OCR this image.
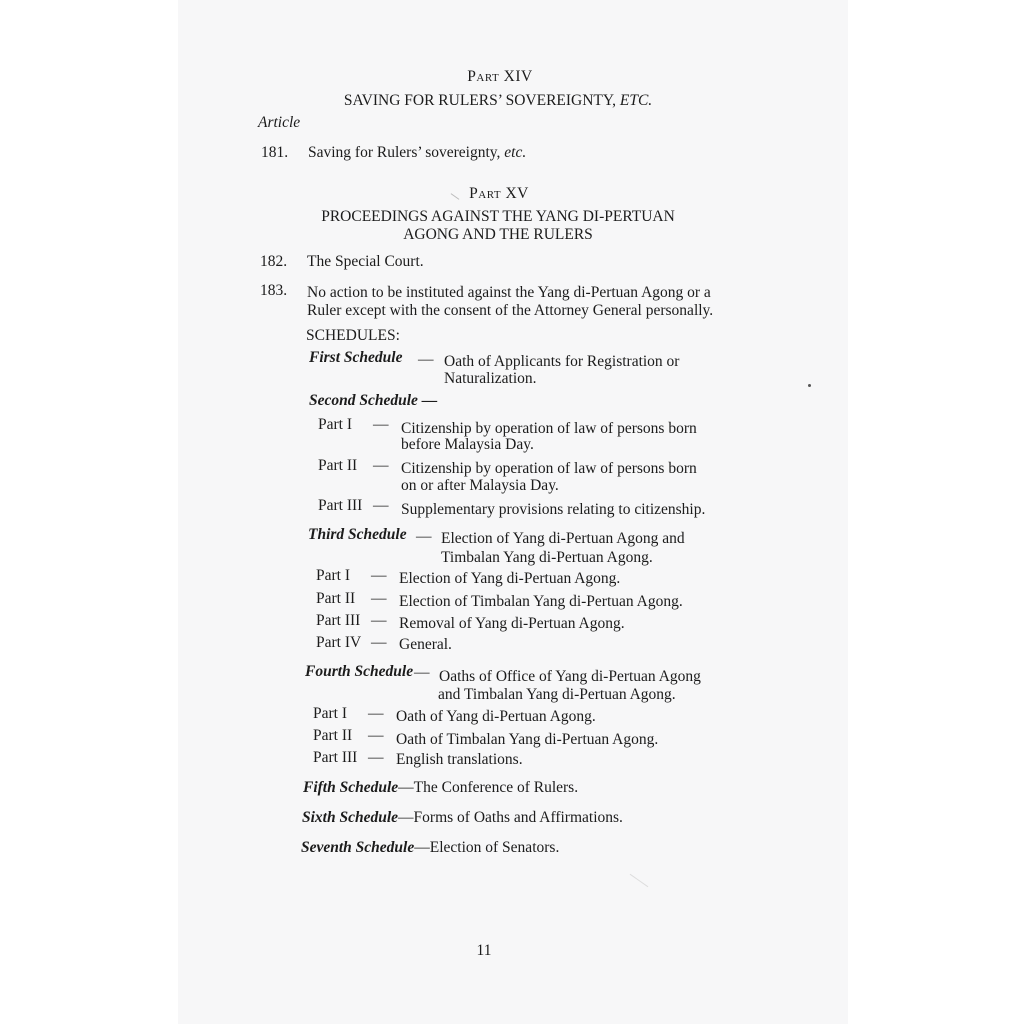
Part XIV
SAVING FOR RULERS’ SOVEREIGNTY, ETC.
Article
181. Saving for Rulers’ sovereignty, etc.
Part XV
PROCEEDINGS AGAINST THE YANG DI-PERTUAN
AGONG AND THE RULERS
182. The Special Court.
183. No action to be instituted against the Yang di-Pertuan Agong or a
Ruler except with the consent of the Attorney General personally.
SCHEDULES:
First Schedule — Oath of Applicants for Registration or
Naturalization.
Second Schedule —
Part I — Citizenship by operation of law of persons born
before Malaysia Day.
Part II — Citizenship by operation of law of persons born
on or after Malaysia Day.
Part III — Supplementary provisions relating to citizenship.
Third Schedule — Election of Yang di-Pertuan Agong and
Timbalan Yang di-Pertuan Agong.
Part I — Election of Yang di-Pertuan Agong.
Part II — Election of Timbalan Yang di-Pertuan Agong.
Part III — Removal of Yang di-Pertuan Agong.
Part IV — General.
Fourth Schedule — Oaths of Office of Yang di-Pertuan Agong
and Timbalan Yang di-Pertuan Agong.
Part I — Oath of Yang di-Pertuan Agong.
Part II — Oath of Timbalan Yang di-Pertuan Agong.
Part III — English translations.
Fifth Schedule—The Conference of Rulers.
Sixth Schedule—Forms of Oaths and Affirmations.
Seventh Schedule—Election of Senators.
11
